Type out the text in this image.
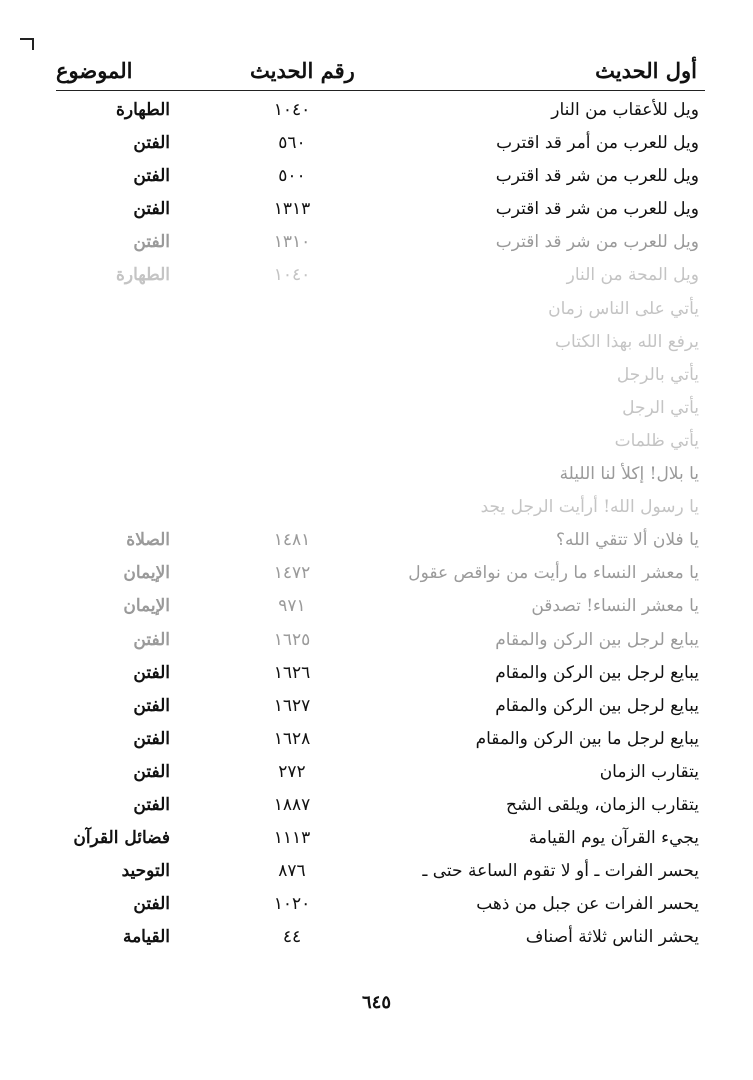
أول الحديث
رقم الحديث
الموضوع
ويل للأعقاب من النار
١٠٤٠
الطهارة
ويل للعرب من أمر قد اقترب
٥٦٠
الفتن
ويل للعرب من شر قد اقترب
٥٠٠
الفتن
ويل للعرب من شر قد اقترب
١٣١٣
الفتن
ويل للعرب من شر قد اقترب
١٣١٠
الفتن
ويل المحة من النار
١٠٤٠
الطهارة
يأتي على الناس زمان
يرفع الله بهذا الكتاب
يأتي بالرجل
يأتي الرجل
يأتي ظلمات
يا بلال! إكلأ لنا الليلة
يا رسول الله! أرأيت الرجل يجد
يا فلان ألا تتقي الله؟
١٤٨١
الصلاة
يا معشر النساء ما رأيت من نواقص عقول
١٤٧٢
الإيمان
يا معشر النساء! تصدقن
٩٧١
الإيمان
يبايع لرجل بين الركن والمقام
١٦٢٥
الفتن
يبايع لرجل بين الركن والمقام
١٦٢٦
الفتن
يبايع لرجل بين الركن والمقام
١٦٢٧
الفتن
يبايع لرجل ما بين الركن والمقام
١٦٢٨
الفتن
يتقارب الزمان
٢٧٢
الفتن
يتقارب الزمان، ويلقى الشح
١٨٨٧
الفتن
يجيء القرآن يوم القيامة
١١١٣
فضائل القرآن
يحسر الفرات ـ أو لا تقوم الساعة حتى ـ
٨٧٦
التوحيد
يحسر الفرات عن جبل من ذهب
١٠٢٠
الفتن
يحشر الناس ثلاثة أصناف
٤٤
القيامة
٦٤٥
